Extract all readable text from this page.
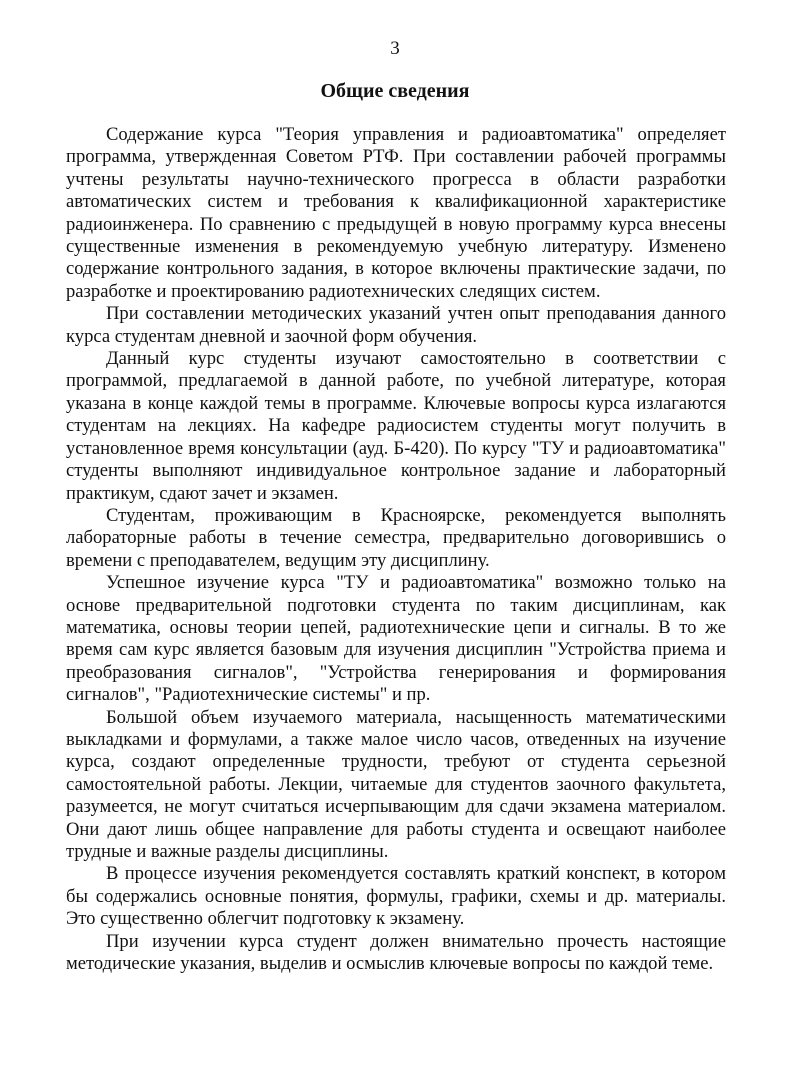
3
Общие сведения

Содержание курса "Теория управления и радиоавтоматика" определяет программа, утвержденная Советом РТФ. При составлении рабочей программы учтены результаты научно-технического прогресса в области разработки автоматических систем и требования к квалификационной характеристике радиоинженера. По сравнению с предыдущей в новую программу курса внесены существенные изменения в рекомендуемую учебную литературу. Изменено содержание контрольного задания, в которое включены практические задачи, по разработке и проектированию радиотехнических следящих систем.

При составлении методических указаний учтен опыт преподавания данного курса студентам дневной и заочной форм обучения.

Данный курс студенты изучают самостоятельно в соответствии с программой, предлагаемой в данной работе, по учебной литературе, которая указана в конце каждой темы в программе. Ключевые вопросы курса излагаются студентам на лекциях. На кафедре радиосистем студенты могут получить в установленное время консультации (ауд. Б-420). По курсу "ТУ и радиоавтоматика" студенты выполняют индивидуальное контрольное задание и лабораторный практикум, сдают зачет и экзамен.

Студентам, проживающим в Красноярске, рекомендуется выполнять лабораторные работы в течение семестра, предварительно договорившись о времени с преподавателем, ведущим эту дисциплину.

Успешное изучение курса "ТУ и радиоавтоматика" возможно только на основе предварительной подготовки студента по таким дисциплинам, как математика, основы теории цепей, радиотехнические цепи и сигналы. В то же время сам курс является базовым для изучения дисциплин "Устройства приема и преобразования сигналов", "Устройства генерирования и формирования сигналов", "Радиотехнические системы" и пр.

Большой объем изучаемого материала, насыщенность математическими выкладками и формулами, а также малое число часов, отведенных на изучение курса, создают определенные трудности, требуют от студента серьезной самостоятельной работы. Лекции, читаемые для студентов заочного факультета, разумеется, не могут считаться исчерпывающим для сдачи экзамена материалом. Они дают лишь общее направление для работы студента и освещают наиболее трудные и важные разделы дисциплины.

В процессе изучения рекомендуется составлять краткий конспект, в котором бы содержались основные понятия, формулы, графики, схемы и др. материалы. Это существенно облегчит подготовку к экзамену.

При изучении курса студент должен внимательно прочесть настоящие методические указания, выделив и осмыслив ключевые вопросы по каждой теме.
